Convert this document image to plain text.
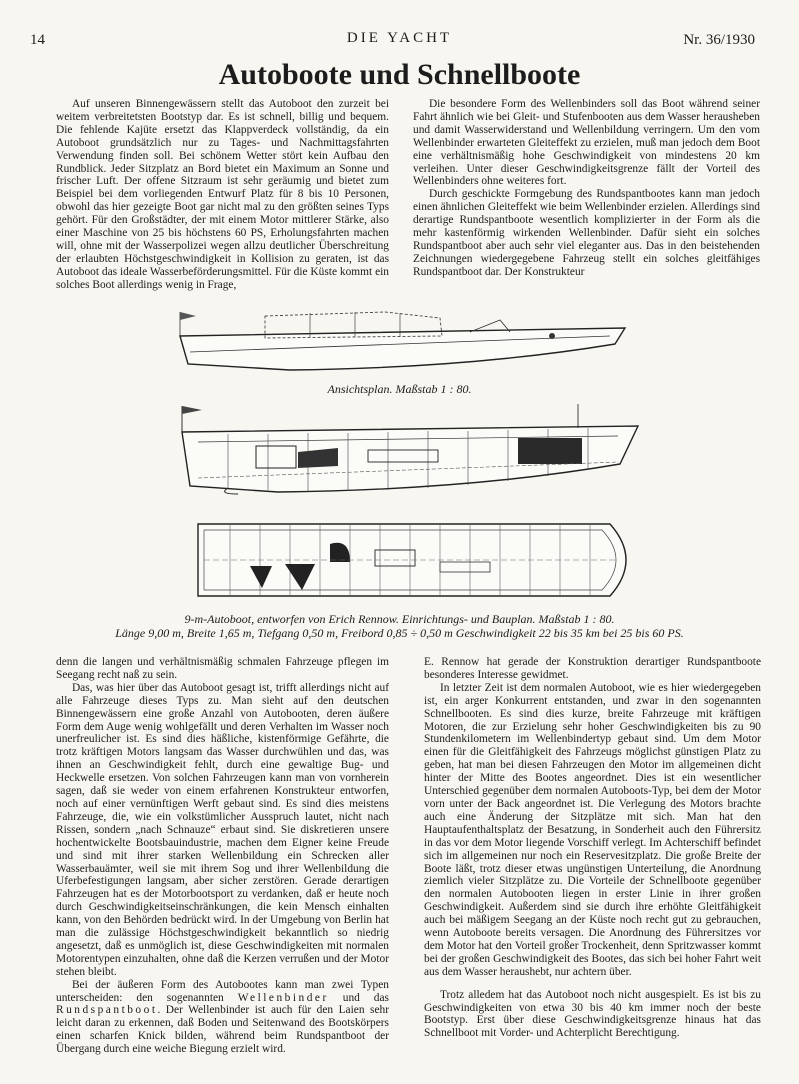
14	DIE YACHT	Nr. 36/1930
Autoboote und Schnellboote

Auf unseren Binnengewässern stellt das Autoboot den zurzeit bei weitem verbreitetsten Bootstyp dar. Es ist schnell, billig und bequem. Die fehlende Kajüte ersetzt das Klappverdeck vollständig, da ein Autoboot grundsätzlich nur zu Tages- und Nachmittagsfahrten Verwendung finden soll. Bei schönem Wetter stört kein Aufbau den Rundblick. Jeder Sitzplatz an Bord bietet ein Maximum an Sonne und frischer Luft. Der offene Sitzraum ist sehr geräumig und bietet zum Beispiel bei dem vorliegenden Entwurf Platz für 8 bis 10 Personen, obwohl das hier gezeigte Boot gar nicht mal zu den größten seines Typs gehört. Für den Großstädter, der mit einem Motor mittlerer Stärke, also einer Maschine von 25 bis höchstens 60 PS, Erholungsfahrten machen will, ohne mit der Wasserpolizei wegen allzu deutlicher Überschreitung der erlaubten Höchstgeschwindigkeit in Kollision zu geraten, ist das Autoboot das ideale Wasserbeförderungsmittel. Für die Küste kommt ein solches Boot allerdings wenig in Frage,

Die besondere Form des Wellenbinders soll das Boot während seiner Fahrt ähnlich wie bei Gleit- und Stufenbooten aus dem Wasser herausheben und damit Wasserwiderstand und Wellenbildung verringern. Um den vom Wellenbinder erwarteten Gleiteffekt zu erzielen, muß man jedoch dem Boot eine verhältnismäßig hohe Geschwindigkeit von mindestens 20 km verleihen. Unter dieser Geschwindigkeitsgrenze fällt der Vorteil des Wellenbinders ohne weiteres fort.

Durch geschickte Formgebung des Rundspantbootes kann man jedoch einen ähnlichen Gleiteffekt wie beim Wellenbinder erzielen. Allerdings sind derartige Rundspantboote wesentlich komplizierter in der Form als die mehr kastenförmig wirkenden Wellenbinder. Dafür sieht ein solches Rundspantboot aber auch sehr viel eleganter aus. Das in den beistehenden Zeichnungen wiedergegebene Fahrzeug stellt ein solches gleitfähiges Rundspantboot dar. Der Konstrukteur

Ansichtsplan. Maßstab 1 : 80.
9-m-Autoboot, entworfen von Erich Rennow. Einrichtungs- und Bauplan. Maßstab 1 : 80.
Länge 9,00 m, Breite 1,65 m, Tiefgang 0,50 m, Freibord 0,85 ÷ 0,50 m Geschwindigkeit 22 bis 35 km bei 25 bis 60 PS.

denn die langen und verhältnismäßig schmalen Fahrzeuge pflegen im Seegang recht naß zu sein.

Das, was hier über das Autoboot gesagt ist, trifft allerdings nicht auf alle Fahrzeuge dieses Typs zu. Man sieht auf den deutschen Binnengewässern eine große Anzahl von Autobooten, deren äußere Form dem Auge wenig wohlgefällt und deren Verhalten im Wasser noch unerfreulicher ist. Es sind dies häßliche, kistenförmige Gefährte, die trotz kräftigen Motors langsam das Wasser durchwühlen und das, was ihnen an Geschwindigkeit fehlt, durch eine gewaltige Bug- und Heckwelle ersetzen. Von solchen Fahrzeugen kann man von vornherein sagen, daß sie weder von einem erfahrenen Konstrukteur entworfen, noch auf einer vernünftigen Werft gebaut sind. Es sind dies meistens Fahrzeuge, die, wie ein volkstümlicher Ausspruch lautet, nicht nach Rissen, sondern „nach Schnauze“ erbaut sind. Sie diskretieren unsere hochentwickelte Bootsbauindustrie, machen dem Eigner keine Freude und sind mit ihrer starken Wellenbildung ein Schrecken aller Wasserbauämter, weil sie mit ihrem Sog und ihrer Wellenbildung die Uferbefestigungen langsam, aber sicher zerstören. Gerade derartigen Fahrzeugen hat es der Motorbootsport zu verdanken, daß er heute noch durch Geschwindigkeitseinschränkungen, die kein Mensch einhalten kann, von den Behörden bedrückt wird. In der Umgebung von Berlin hat man die zulässige Höchstgeschwindigkeit bekanntlich so niedrig angesetzt, daß es unmöglich ist, diese Geschwindigkeiten mit normalen Motorentypen einzuhalten, ohne daß die Kerzen verrußen und der Motor stehen bleibt.

Bei der äußeren Form des Autobootes kann man zwei Typen unterscheiden: den sogenannten Wellenbinder und das Rundspantboot. Der Wellenbinder ist auch für den Laien sehr leicht daran zu erkennen, daß Boden und Seitenwand des Bootskörpers einen scharfen Knick bilden, während beim Rundspantboot der Übergang durch eine weiche Biegung erzielt wird.

E. Rennow hat gerade der Konstruktion derartiger Rundspantboote besonderes Interesse gewidmet.

In letzter Zeit ist dem normalen Autoboot, wie es hier wiedergegeben ist, ein arger Konkurrent entstanden, und zwar in den sogenannten Schnellbooten. Es sind dies kurze, breite Fahrzeuge mit kräftigen Motoren, die zur Erzielung sehr hoher Geschwindigkeiten bis zu 90 Stundenkilometern im Wellenbindertyp gebaut sind. Um dem Motor einen für die Gleitfähigkeit des Fahrzeugs möglichst günstigen Platz zu geben, hat man bei diesen Fahrzeugen den Motor im allgemeinen dicht hinter der Mitte des Bootes angeordnet. Dies ist ein wesentlicher Unterschied gegenüber dem normalen Autoboots-Typ, bei dem der Motor vorn unter der Back angeordnet ist. Die Verlegung des Motors brachte auch eine Änderung der Sitzplätze mit sich. Man hat den Hauptaufenthaltsplatz der Besatzung, in Sonderheit auch den Führersitz in das vor dem Motor liegende Vorschiff verlegt. Im Achterschiff befindet sich im allgemeinen nur noch ein Reservesitzplatz. Die große Breite der Boote läßt, trotz dieser etwas ungünstigen Unterteilung, die Anordnung ziemlich vieler Sitzplätze zu. Die Vorteile der Schnellboote gegenüber den normalen Autobooten liegen in erster Linie in ihrer großen Geschwindigkeit. Außerdem sind sie durch ihre erhöhte Gleitfähigkeit auch bei mäßigem Seegang an der Küste noch recht gut zu gebrauchen, wenn Autoboote bereits versagen. Die Anordnung des Führersitzes vor dem Motor hat den Vorteil großer Trockenheit, denn Spritzwasser kommt bei der großen Geschwindigkeit des Bootes, das sich bei hoher Fahrt weit aus dem Wasser heraushebt, nur achtern über.

Trotz alledem hat das Autoboot noch nicht ausgespielt. Es ist bis zu Geschwindigkeiten von etwa 30 bis 40 km immer noch der beste Bootstyp. Erst über diese Geschwindigkeitsgrenze hinaus hat das Schnellboot mit Vorder- und Achterplicht Berechtigung.
